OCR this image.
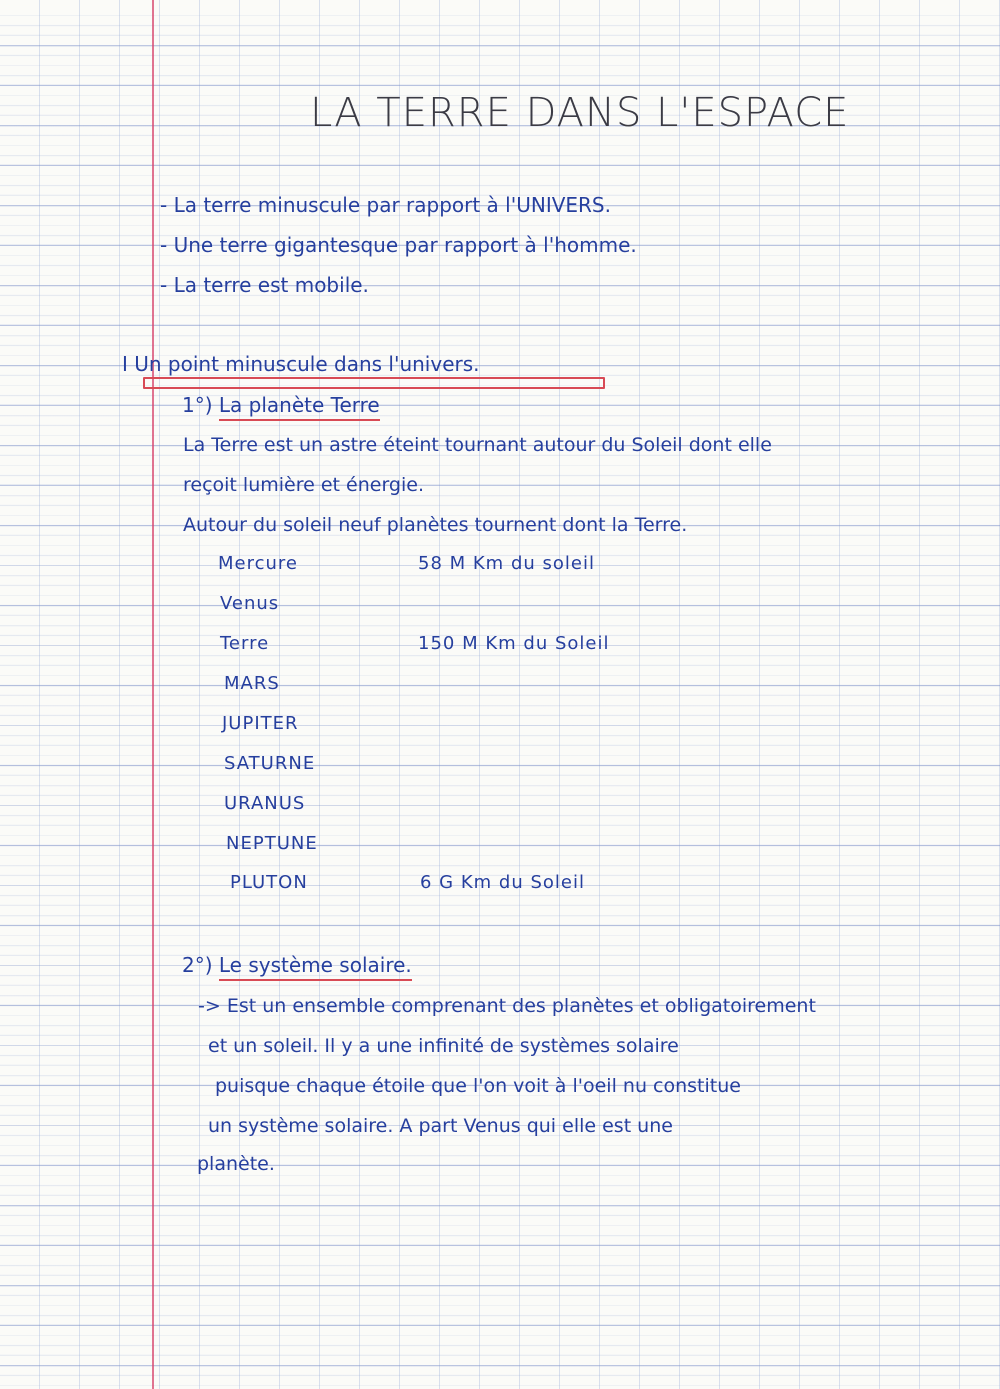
LA TERRE DANS L'ESPACE
- La terre minuscule par rapport à l'UNIVERS.
- Une terre gigantesque par rapport à l'homme.
- La terre est mobile.
I Un point minuscule dans l'univers.
1°) La planète Terre
La Terre est un astre éteint tournant autour du Soleil dont elle
reçoit lumière et énergie.
Autour du soleil neuf planètes tournent dont la Terre.
Mercure	58 M Km du soleil
Venus
Terre	150 M Km du Soleil
MARS
JUPITER
SATURNE
URANUS
NEPTUNE
PLUTON	6 G Km du Soleil
2°) Le système solaire.
-> Est un ensemble comprenant des planètes et obligatoirement
et un soleil. Il y a une infinité de systèmes solaire
puisque chaque étoile que l'on voit à l'oeil nu constitue
un système solaire. A part Venus qui elle est une
planète.
